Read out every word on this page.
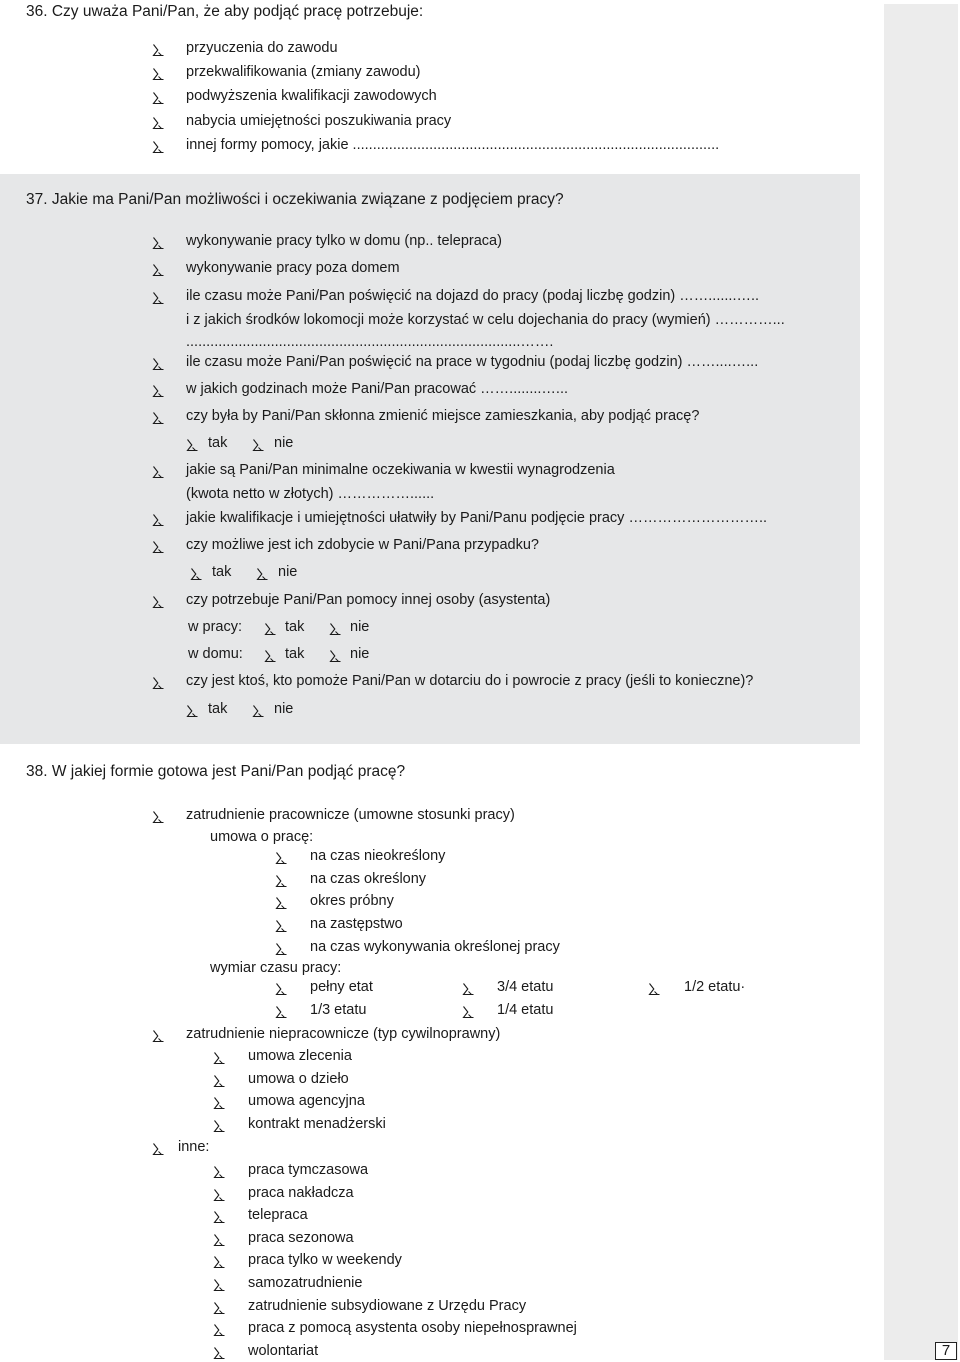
36. Czy uważa Pani/Pan, że aby podjąć pracę potrzebuje:
przyuczenia do zawodu
przekwalifikowania (zmiany zawodu)
podwyższenia kwalifikacji zawodowych
nabycia umiejętności poszukiwania pracy
innej formy pomocy, jakie ...........................................................................................
37. Jakie ma Pani/Pan możliwości i oczekiwania związane z podjęciem pracy?
wykonywanie pracy tylko w domu (np.. telepraca)
wykonywanie pracy poza domem
ile czasu może Pani/Pan poświęcić na dojazd do pracy (podaj liczbę godzin) …….......…..
i z jakich środków lokomocji może korzystać w celu dojechania do pracy (wymień) …………...
...................................................................................…….
ile czasu może Pani/Pan poświęcić na prace w tygodniu (podaj liczbę godzin) ……....…...
w jakich godzinach może Pani/Pan pracować ……........…...
czy była by Pani/Pan skłonna zmienić miejsce zamieszkania, aby podjąć pracę?
tak	nie
jakie są Pani/Pan minimalne oczekiwania w kwestii wynagrodzenia
(kwota netto w złotych) ……………......
jakie kwalifikacje i umiejętności ułatwiły by Pani/Panu podjęcie pracy ………………………..
czy możliwe jest ich zdobycie w Pani/Pana przypadku?
tak	nie
czy potrzebuje Pani/Pan pomocy innej osoby (asystenta)
w pracy:	tak	nie
w domu:	tak	nie
czy jest ktoś, kto pomoże Pani/Pan w dotarciu do i powrocie z pracy (jeśli to konieczne)?
tak	nie
38. W jakiej formie gotowa jest Pani/Pan podjąć pracę?
zatrudnienie pracownicze (umowne stosunki pracy)
umowa o pracę:
na czas nieokreślony
na czas określony
okres próbny
na zastępstwo
na czas wykonywania określonej pracy
wymiar czasu pracy:
pełny etat	3/4 etatu	1/2 etatu·
1/3 etatu	1/4 etatu
zatrudnienie niepracownicze (typ cywilnoprawny)
umowa zlecenia
umowa o dzieło
umowa agencyjna
kontrakt menadżerski
inne:
praca tymczasowa
praca nakładcza
telepraca
praca sezonowa
praca tylko w weekendy
samozatrudnienie
zatrudnienie subsydiowane z Urzędu Pracy
praca z pomocą asystenta osoby niepełnosprawnej
wolontariat	7
